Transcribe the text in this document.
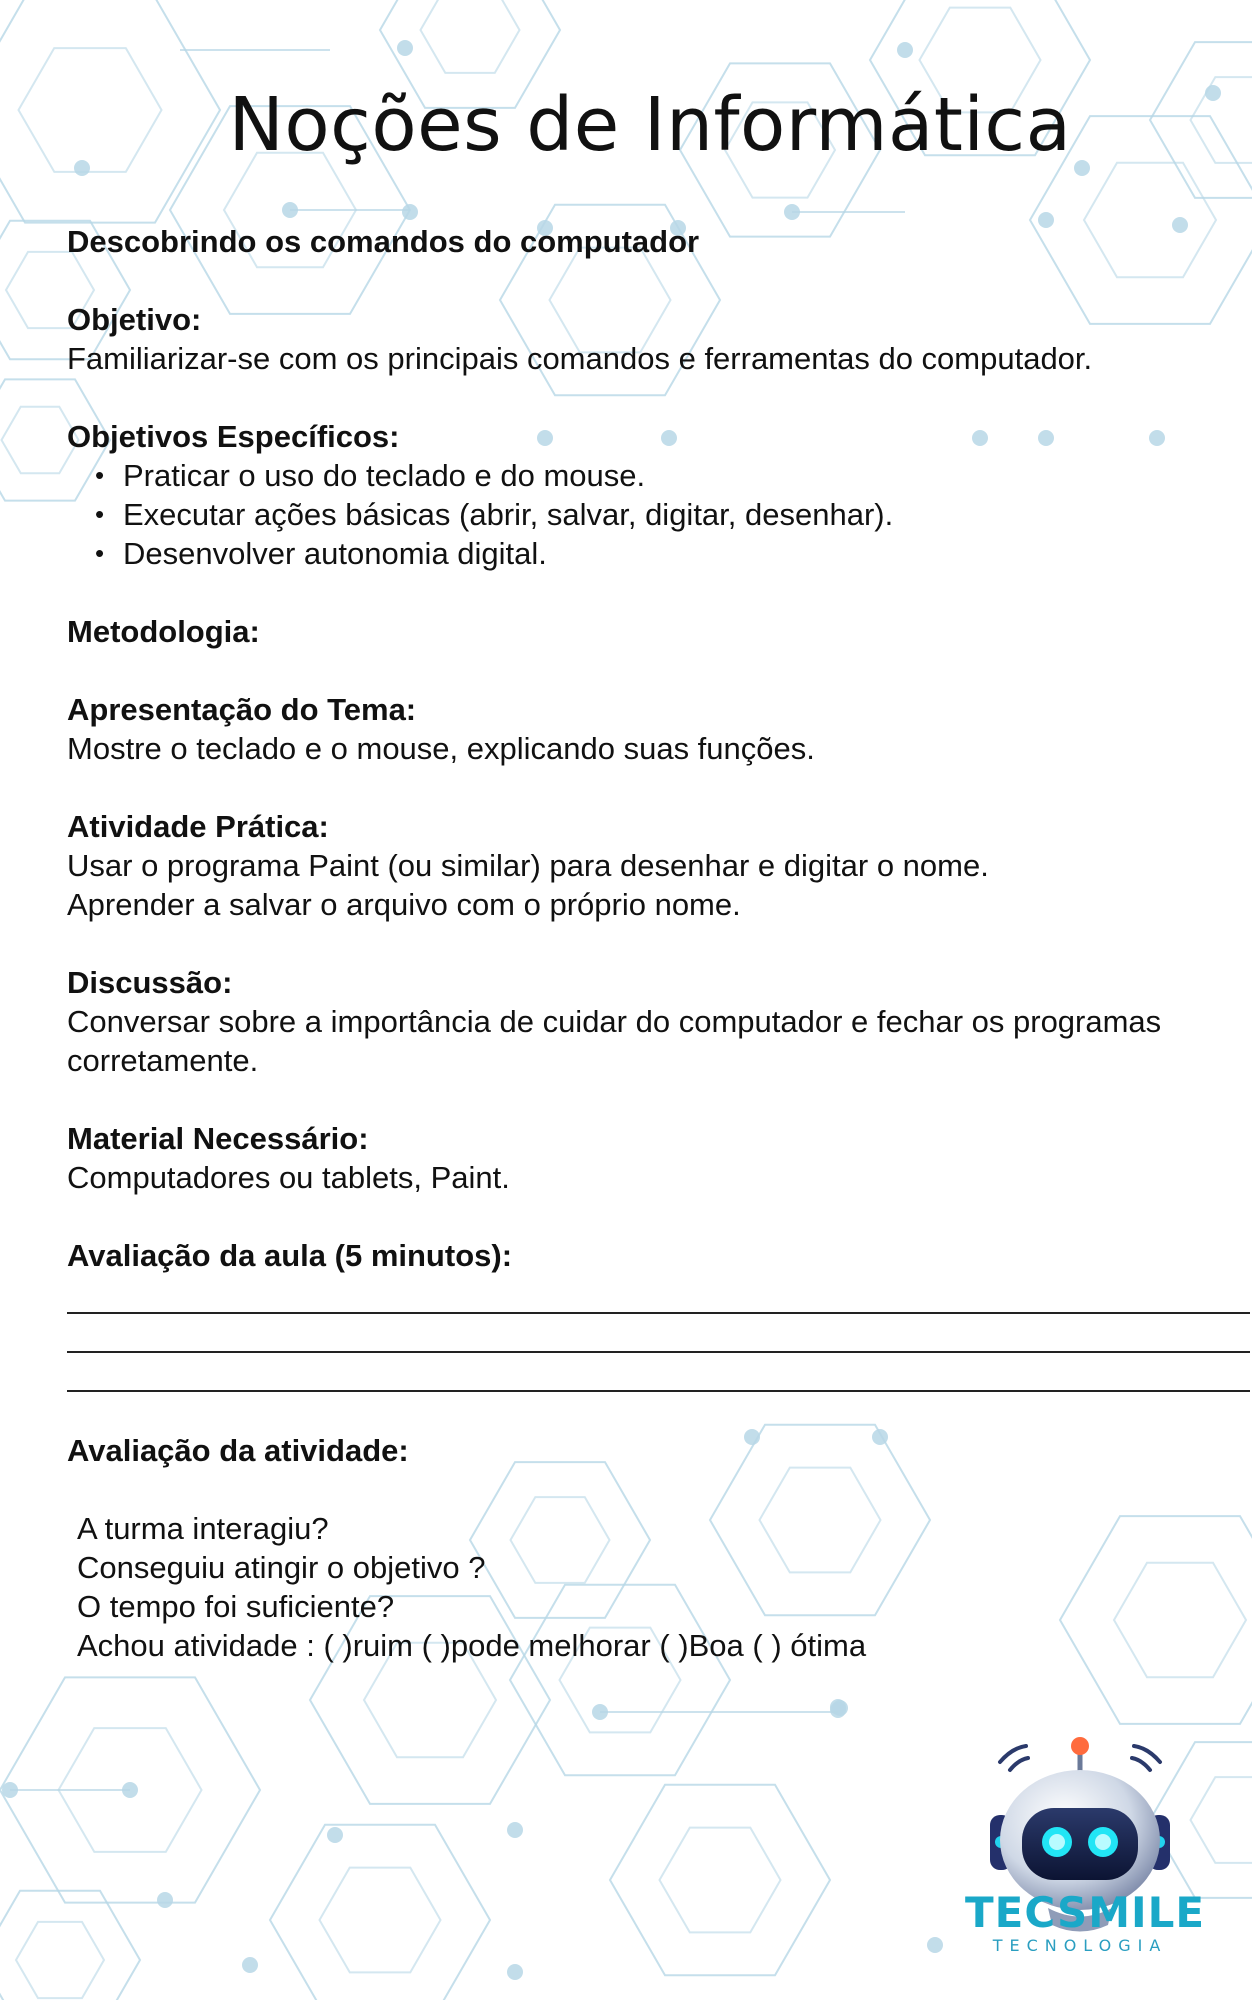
Noções de Informática

Descobrindo os comandos do computador

Objetivo:

Familiarizar-se com os principais comandos e ferramentas do computador.

Objetivos Específicos:

• Praticar o uso do teclado e do mouse.
• Executar ações básicas (abrir, salvar, digitar, desenhar).
• Desenvolver autonomia digital.

Metodologia:

Apresentação do Tema:

Mostre o teclado e o mouse, explicando suas funções.

Atividade Prática:

Usar o programa Paint (ou similar) para desenhar e digitar o nome.

Aprender a salvar o arquivo com o próprio nome.

Discussão:

Conversar sobre a importância de cuidar do computador e fechar os programas

corretamente.

Material Necessário:

Computadores ou tablets, Paint.

Avaliação da aula (5 minutos):

Avaliação da atividade:

A turma interagiu?

Conseguiu atingir o objetivo ?

O tempo foi suficiente?

Achou atividade : ( )ruim ( )pode melhorar ( )Boa ( ) ótima

TECSMILE
TECNOLOGIA
